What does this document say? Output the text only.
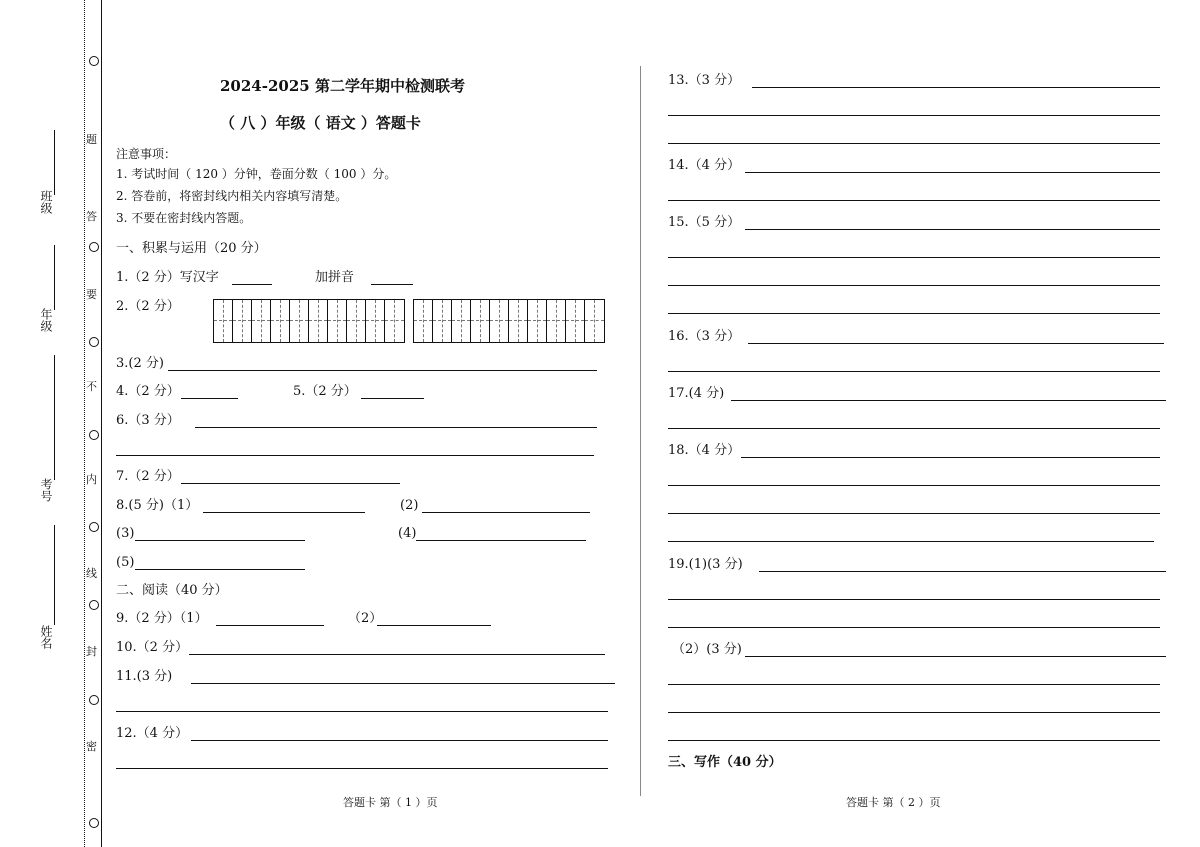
题
答
要
不
内
线
封
密
班级
年级
考号
姓名
2024-2025 第二学年期中检测联考
（ 八 ）年级（ 语文 ）答题卡
注意事项：
1. 考试时间（ 120 ）分钟，卷面分数（ 100 ）分。
2. 答卷前，将密封线内相关内容填写清楚。
3. 不要在密封线内答题。
一、积累与运用（20 分）
1.（2 分）写汉字	加拼音
2.（2 分）
3.(2 分)
4.（2 分）	5.（2 分）
6.（3 分）
7.（2 分）
8.(5 分)（1）	(2)
(3)	(4)
(5)
二、阅读（40 分）
9.（2 分）（1）	（2）
10.（2 分）
11.(3 分)
12.（4 分）
13.（3 分）
14.（4 分）
15.（5 分）
16.（3 分）
17.(4 分)
18.（4 分）
19.(1)(3 分)
（2）(3 分)
三、写作（40 分）
答题卡 第（ 1 ）页	答题卡 第（ 2 ）页
